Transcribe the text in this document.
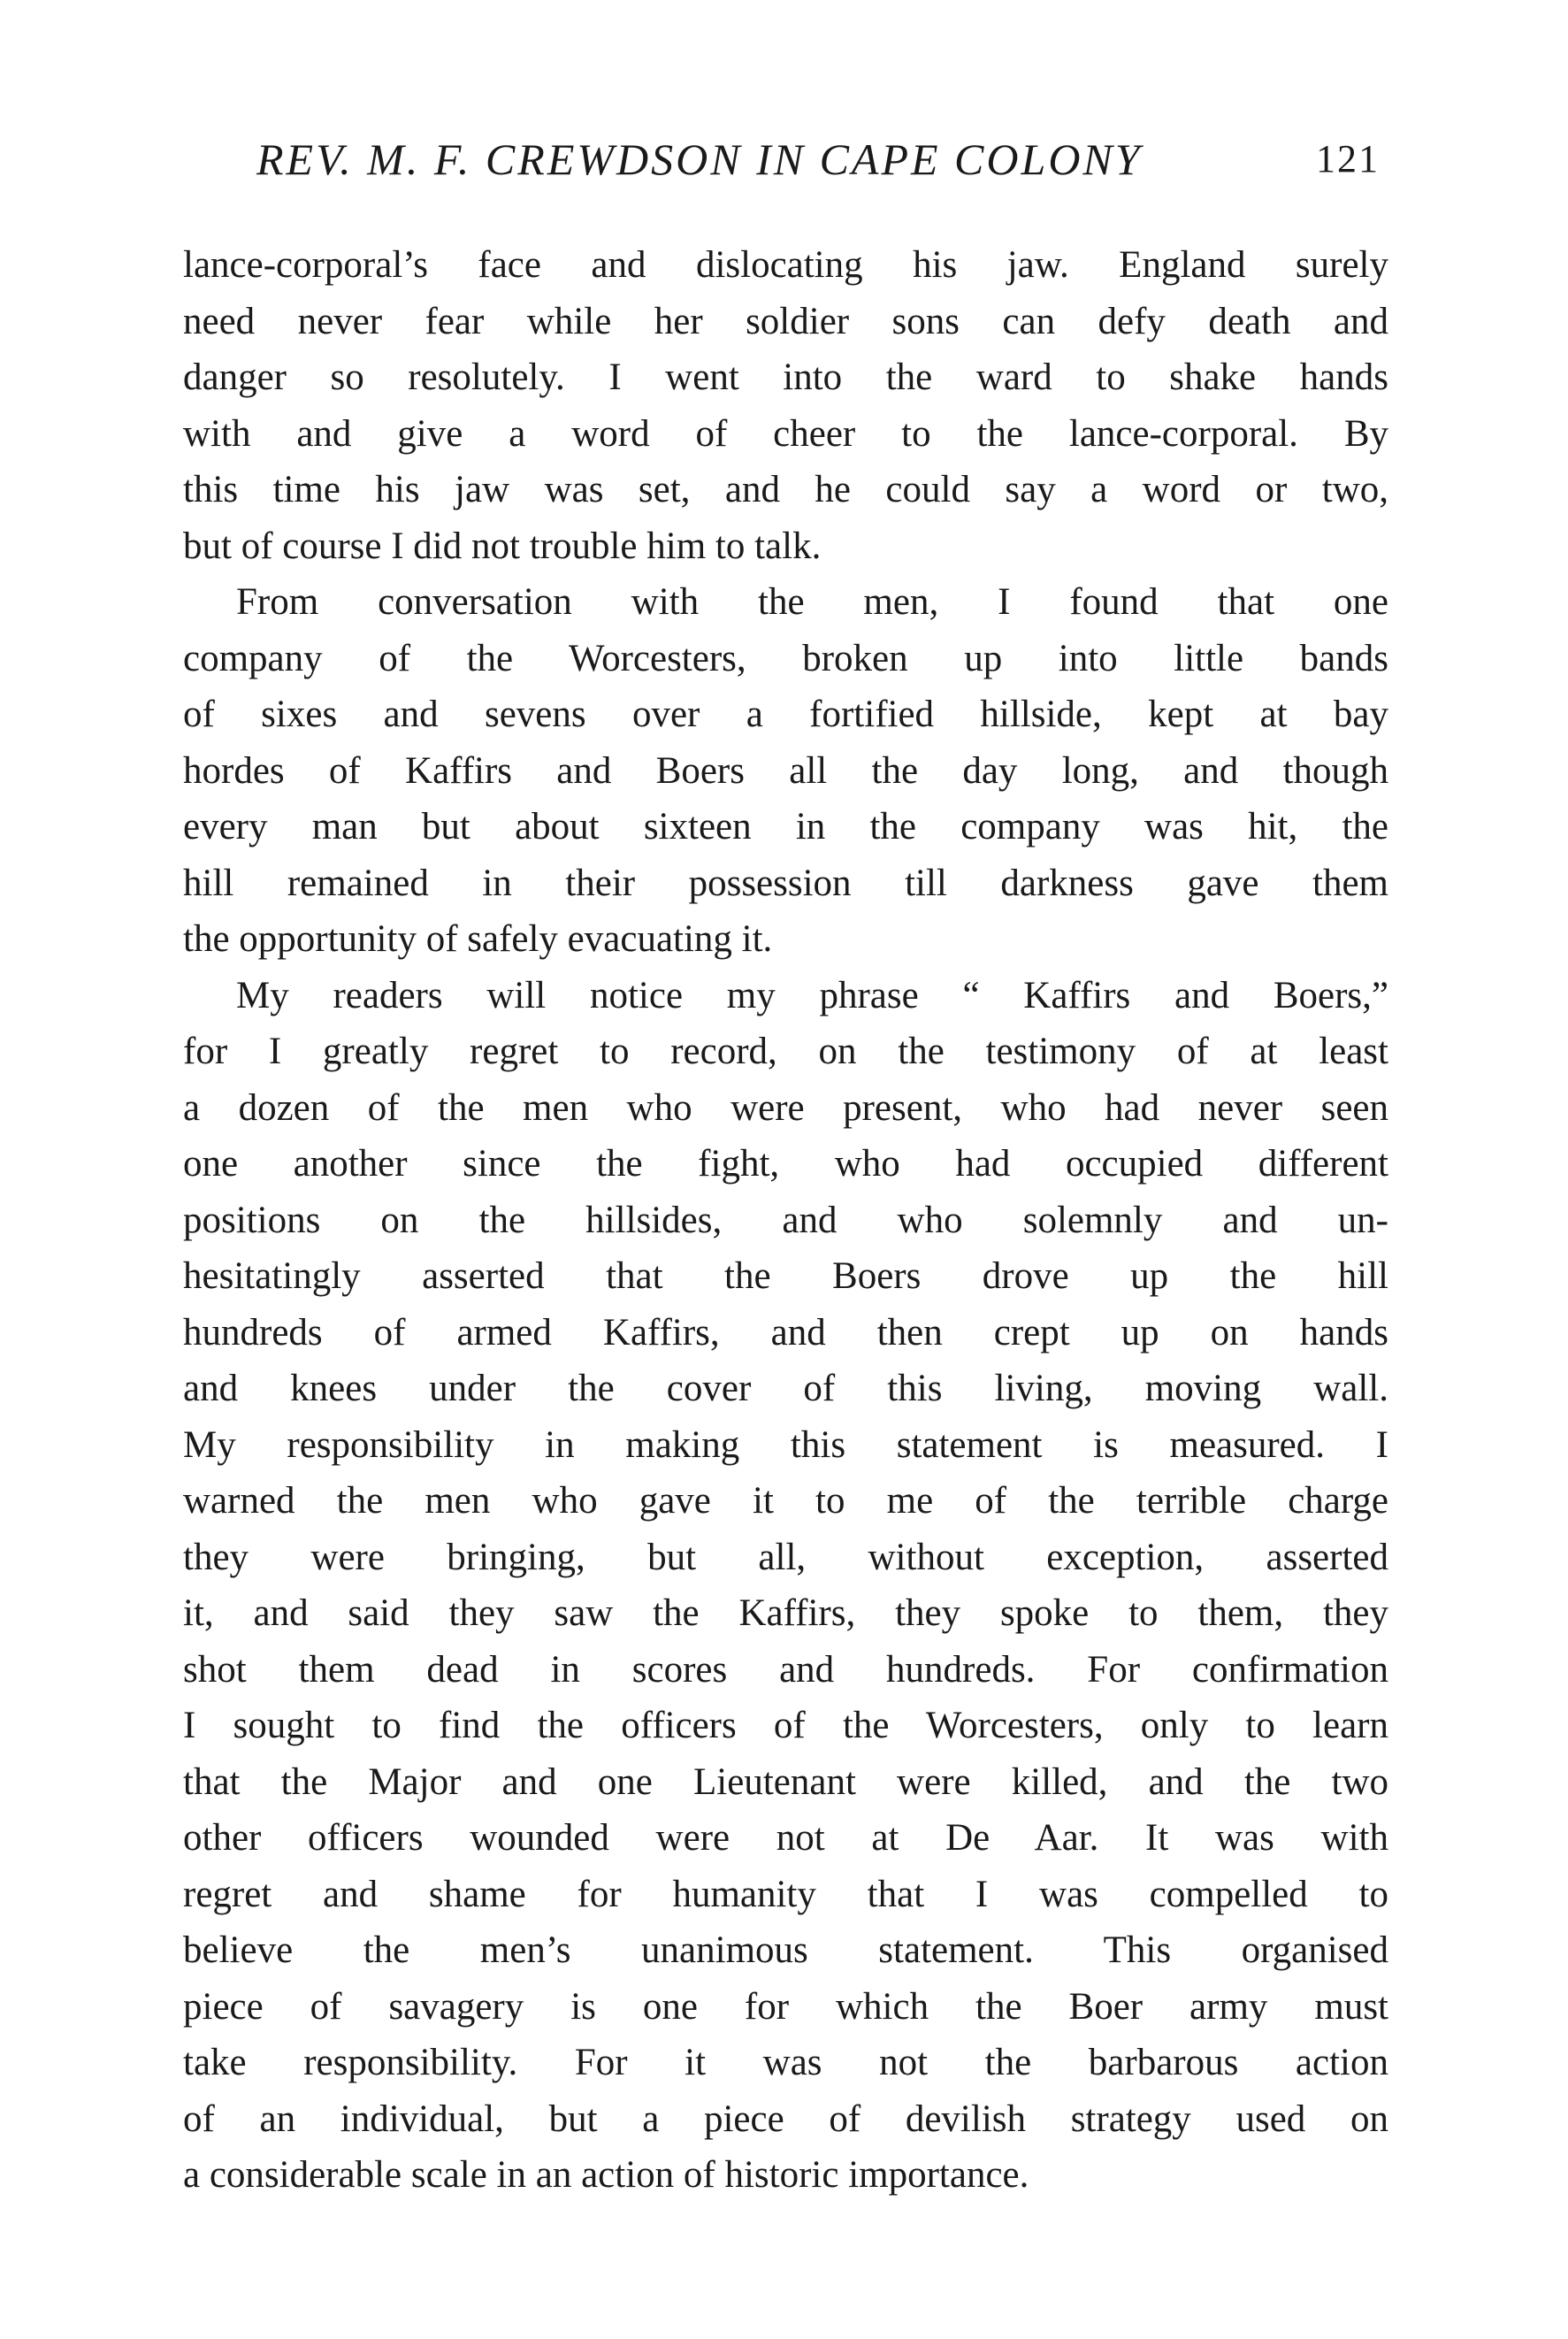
REV. M. F. CREWDSON IN CAPE COLONY	121
lance-corporal’s face and dislocating his jaw. England surely
need never fear while her soldier sons can defy death and
danger so resolutely. I went into the ward to shake hands
with and give a word of cheer to the lance-corporal. By
this time his jaw was set, and he could say a word or two,
but of course I did not trouble him to talk.
From conversation with the men, I found that one
company of the Worcesters, broken up into little bands
of sixes and sevens over a fortified hillside, kept at bay
hordes of Kaffirs and Boers all the day long, and though
every man but about sixteen in the company was hit, the
hill remained in their possession till darkness gave them
the opportunity of safely evacuating it.
My readers will notice my phrase “ Kaffirs and Boers,”
for I greatly regret to record, on the testimony of at least
a dozen of the men who were present, who had never seen
one another since the fight, who had occupied different
positions on the hillsides, and who solemnly and un-
hesitatingly asserted that the Boers drove up the hill
hundreds of armed Kaffirs, and then crept up on hands
and knees under the cover of this living, moving wall.
My responsibility in making this statement is measured. I
warned the men who gave it to me of the terrible charge
they were bringing, but all, without exception, asserted
it, and said they saw the Kaffirs, they spoke to them, they
shot them dead in scores and hundreds. For confirmation
I sought to find the officers of the Worcesters, only to learn
that the Major and one Lieutenant were killed, and the two
other officers wounded were not at De Aar. It was with
regret and shame for humanity that I was compelled to
believe the men’s unanimous statement. This organised
piece of savagery is one for which the Boer army must
take responsibility. For it was not the barbarous action
of an individual, but a piece of devilish strategy used on
a considerable scale in an action of historic importance.
